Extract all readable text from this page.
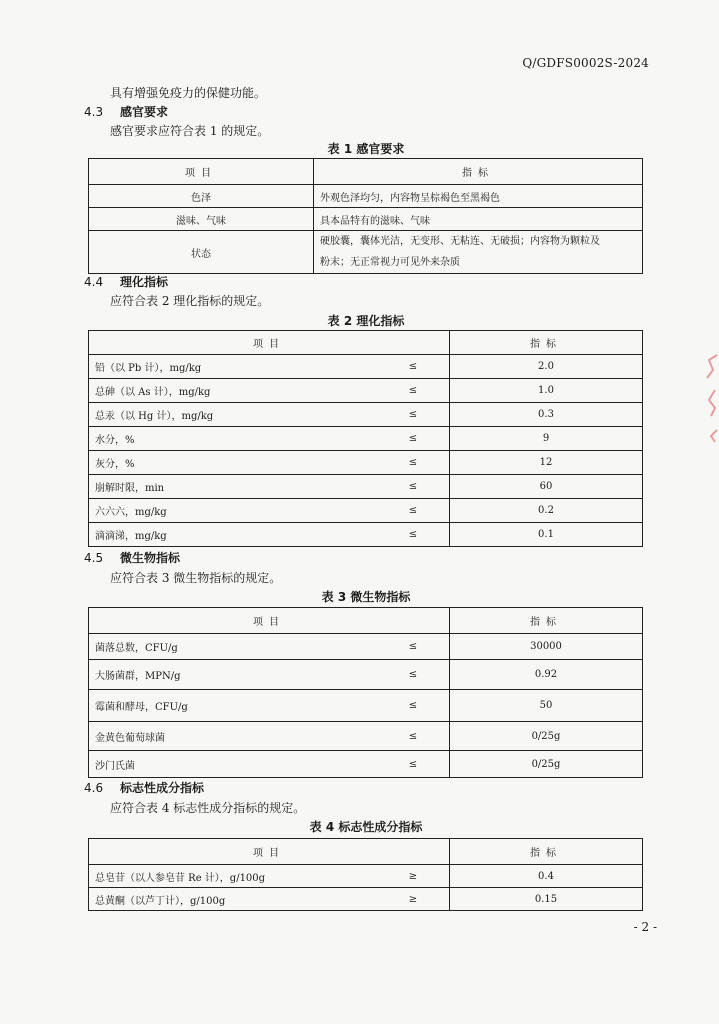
Q/GDFS0002S-2024
具有增强免疫力的保健功能。
4.3 感官要求
感官要求应符合表 1 的规定。
表 1 感官要求
项目	指标
色泽	外观色泽均匀，内容物呈棕褐色至黑褐色
滋味、气味	具本品特有的滋味、气味
状态	硬胶囊，囊体光洁，无变形、无粘连、无破损；内容物为颗粒及
粉末；无正常视力可见外来杂质
4.4 理化指标
应符合表 2 理化指标的规定。
表 2 理化指标
项目		指标
铅（以 Pb 计），mg/kg	≤	2.0
总砷（以 As 计），mg/kg	≤	1.0
总汞（以 Hg 计），mg/kg	≤	0.3
水分，%	≤	9
灰分，%	≤	12
崩解时限，min	≤	60
六六六，mg/kg	≤	0.2
滴滴涕，mg/kg	≤	0.1
4.5 微生物指标
应符合表 3 微生物指标的规定。
表 3 微生物指标
项目		指标
菌落总数，CFU/g	≤	30000
大肠菌群，MPN/g	≤	0.92
霉菌和酵母，CFU/g	≤	50
金黄色葡萄球菌	≤	0/25g
沙门氏菌	≤	0/25g
4.6 标志性成分指标
应符合表 4 标志性成分指标的规定。
表 4 标志性成分指标
项目		指标
总皂苷（以人参皂苷 Re 计），g/100g	≥	0.4
总黄酮（以芦丁计），g/100g	≥	0.15
- 2 -
